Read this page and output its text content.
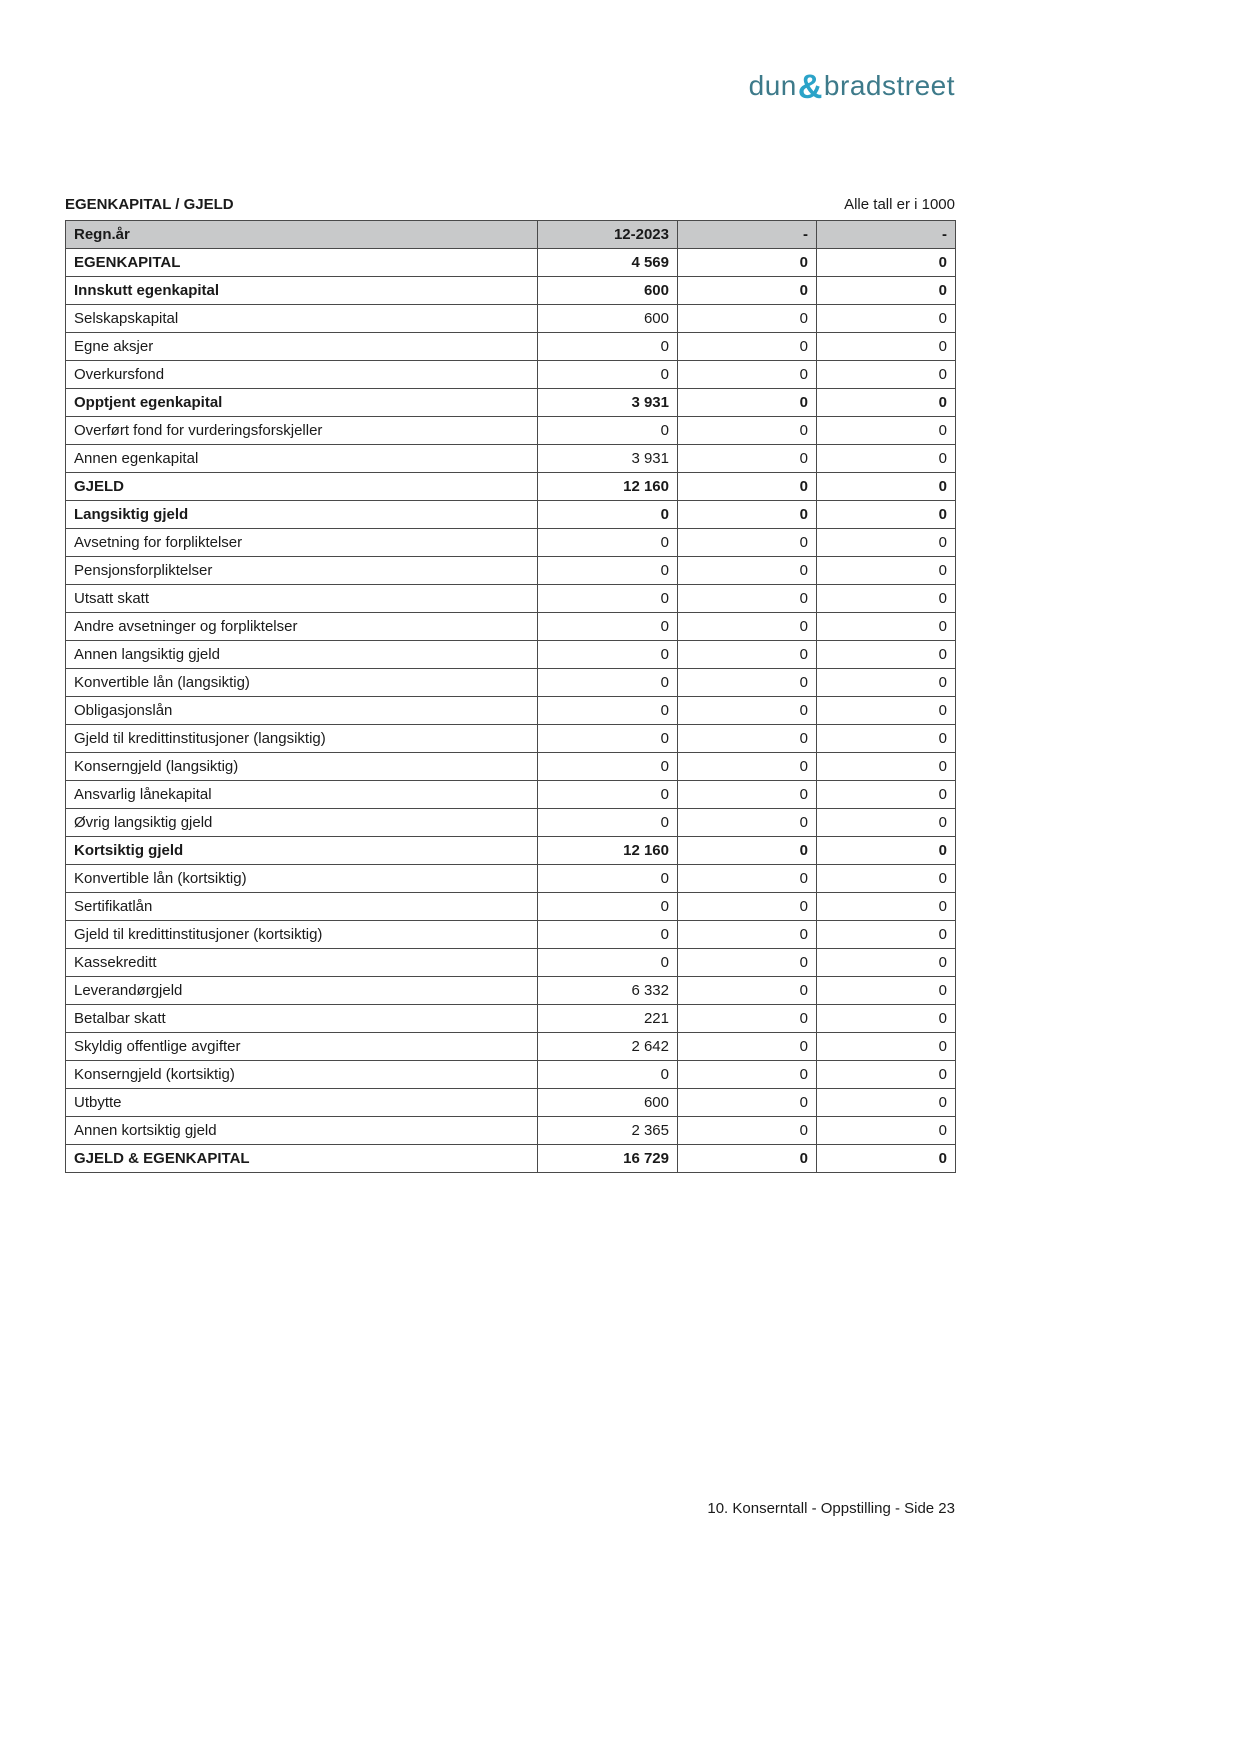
dun&bradstreet
EGENKAPITAL / GJELD	Alle tall er i 1000
Regn.år	12-2023	-	-
EGENKAPITAL	4 569	0	0
Innskutt egenkapital	600	0	0
Selskapskapital	600	0	0
Egne aksjer	0	0	0
Overkursfond	0	0	0
Opptjent egenkapital	3 931	0	0
Overført fond for vurderingsforskjeller	0	0	0
Annen egenkapital	3 931	0	0
GJELD	12 160	0	0
Langsiktig gjeld	0	0	0
Avsetning for forpliktelser	0	0	0
Pensjonsforpliktelser	0	0	0
Utsatt skatt	0	0	0
Andre avsetninger og forpliktelser	0	0	0
Annen langsiktig gjeld	0	0	0
Konvertible lån (langsiktig)	0	0	0
Obligasjonslån	0	0	0
Gjeld til kredittinstitusjoner (langsiktig)	0	0	0
Konserngjeld (langsiktig)	0	0	0
Ansvarlig lånekapital	0	0	0
Øvrig langsiktig gjeld	0	0	0
Kortsiktig gjeld	12 160	0	0
Konvertible lån (kortsiktig)	0	0	0
Sertifikatlån	0	0	0
Gjeld til kredittinstitusjoner (kortsiktig)	0	0	0
Kassekreditt	0	0	0
Leverandørgjeld	6 332	0	0
Betalbar skatt	221	0	0
Skyldig offentlige avgifter	2 642	0	0
Konserngjeld (kortsiktig)	0	0	0
Utbytte	600	0	0
Annen kortsiktig gjeld	2 365	0	0
GJELD & EGENKAPITAL	16 729	0	0
10. Konserntall - Oppstilling - Side 23
